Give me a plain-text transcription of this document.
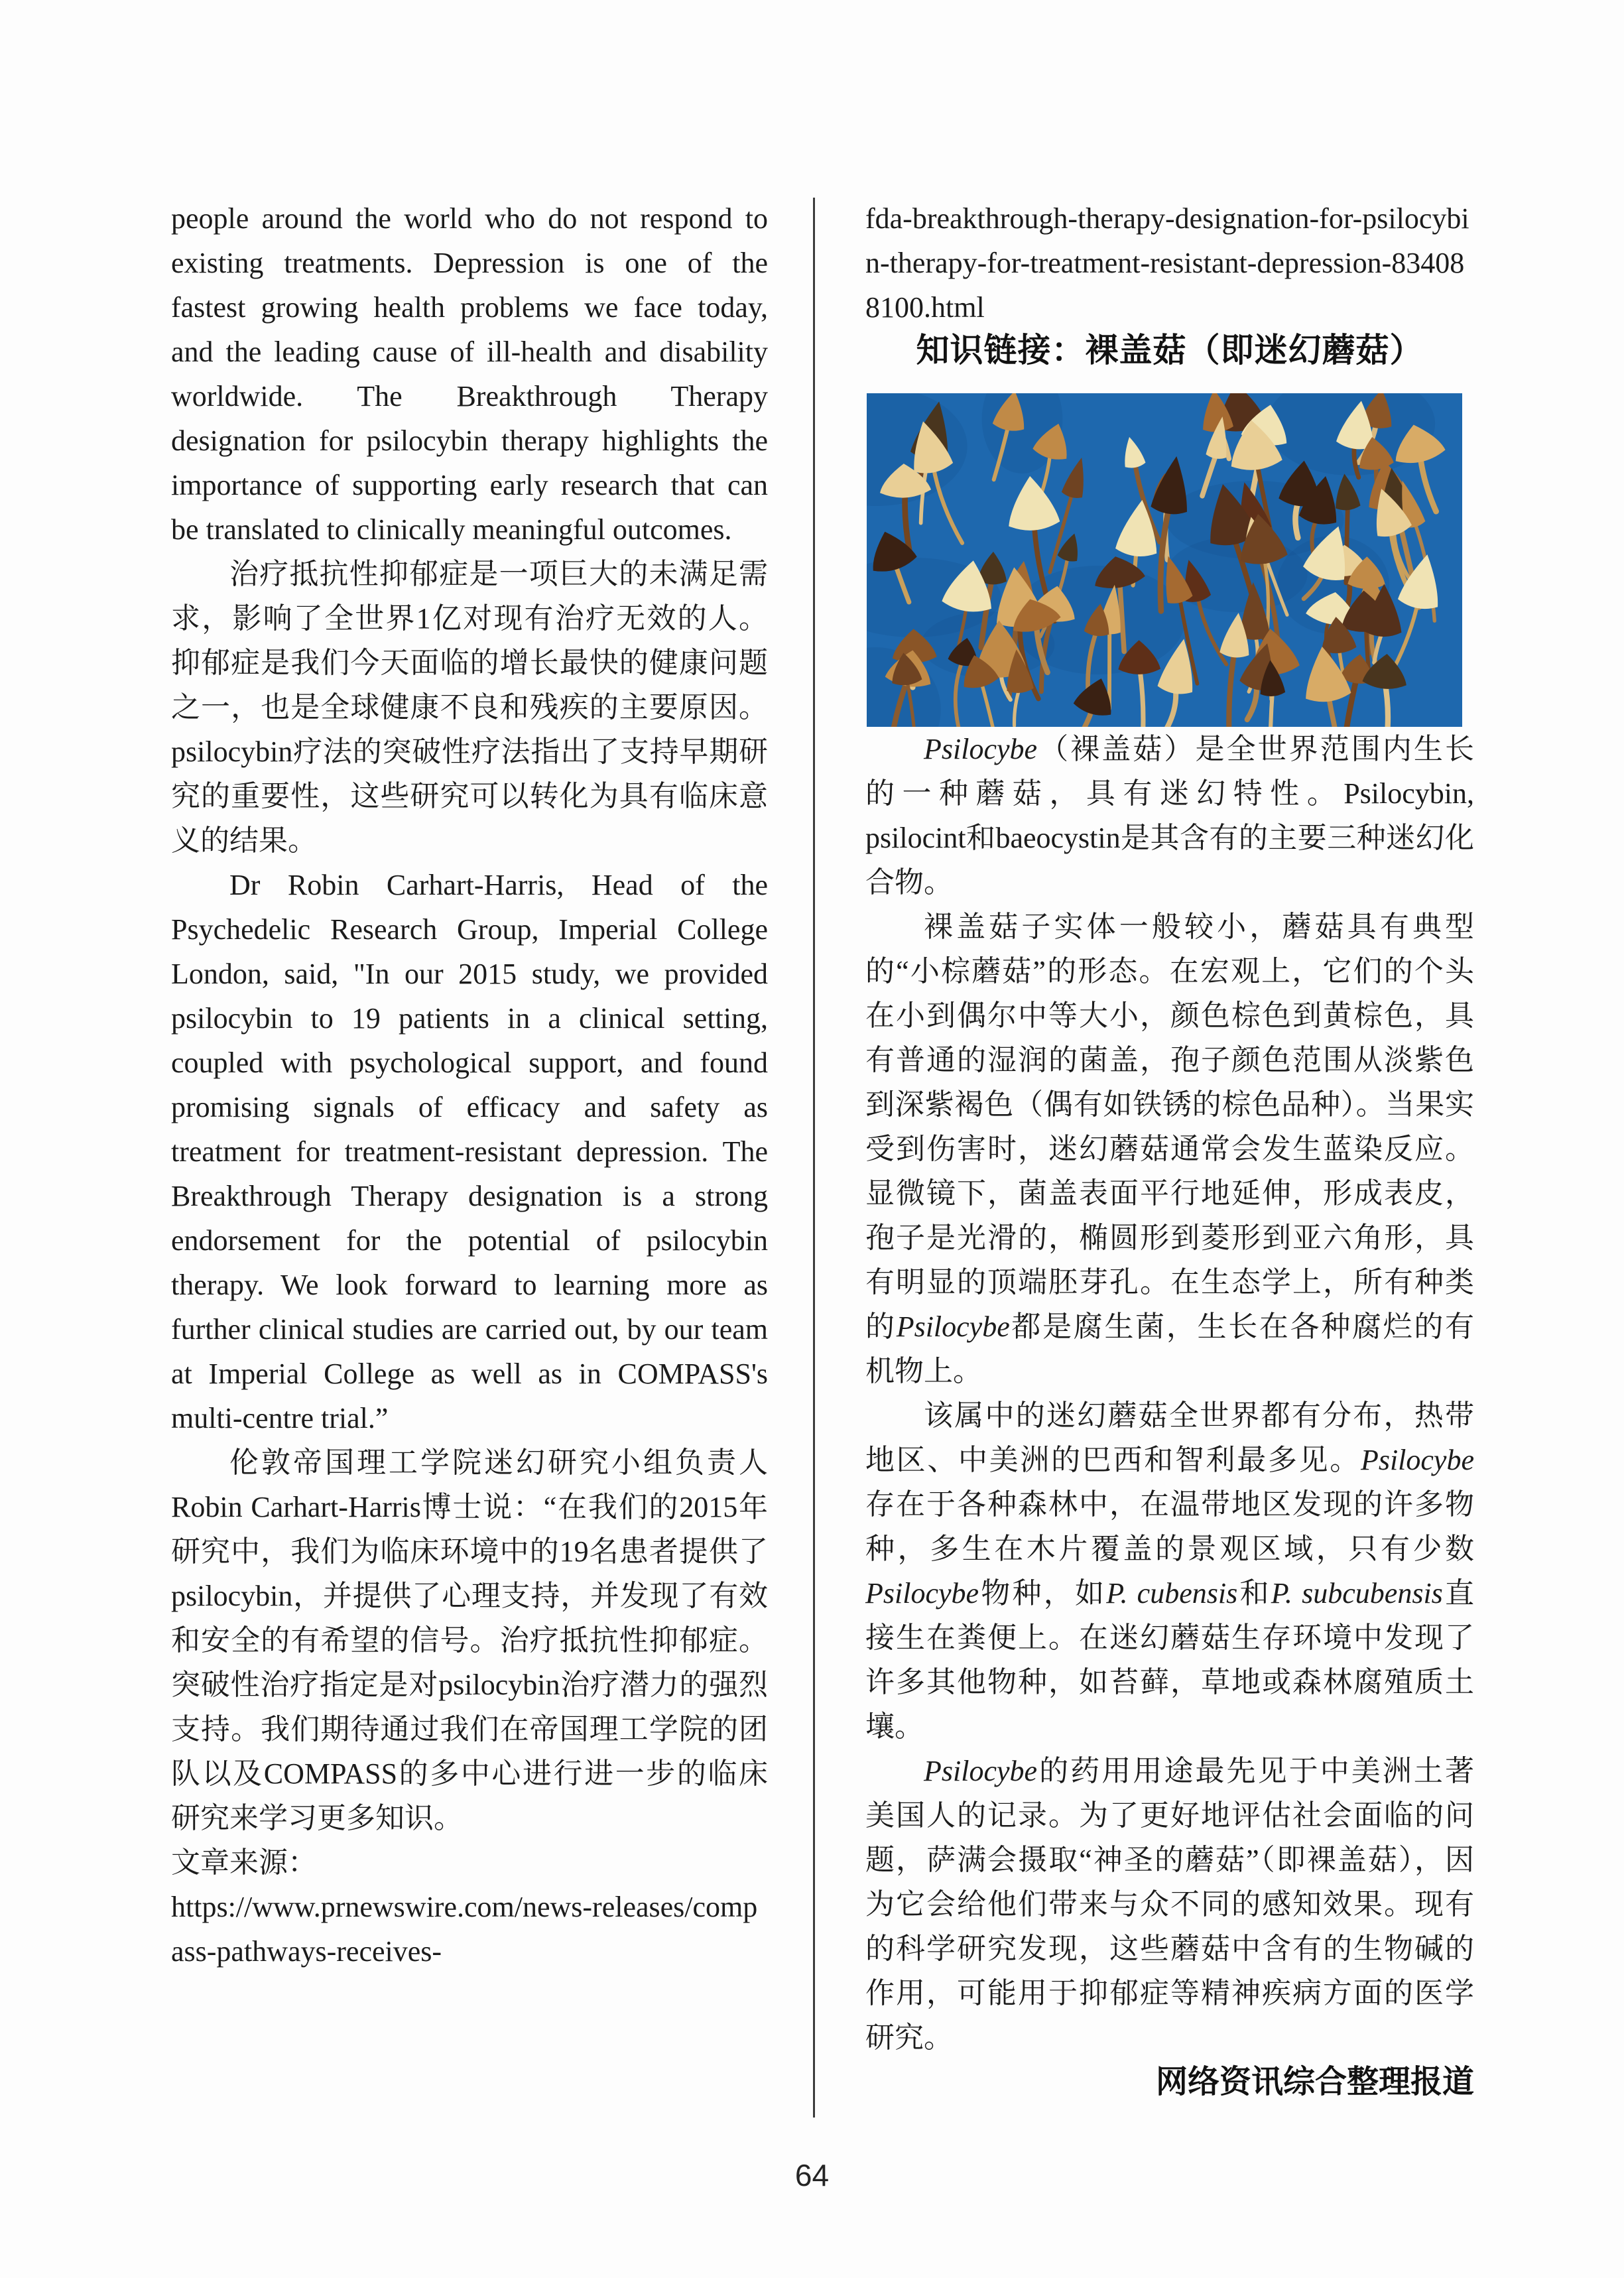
people around the world who do not respond to existing treatments. Depression is one of the fastest growing health problems we face today, and the leading cause of ill-health and disability worldwide. The Breakthrough Therapy designation for psilocybin therapy highlights the importance of supporting early research that can be translated to clinically meaningful outcomes.

治疗抵抗性抑郁症是一项巨大的未满足需求，影响了全世界1亿对现有治疗无效的人。抑郁症是我们今天面临的增长最快的健康问题之一，也是全球健康不良和残疾的主要原因。psilocybin疗法的突破性疗法指出了支持早期研究的重要性，这些研究可以转化为具有临床意义的结果。

Dr Robin Carhart-Harris, Head of the Psychedelic Research Group, Imperial College London, said, "In our 2015 study, we provided psilocybin to 19 patients in a clinical setting, coupled with psychological support, and found promising signals of efficacy and safety as treatment for treatment-resistant depression. The Breakthrough Therapy designation is a strong endorsement for the potential of psilocybin therapy. We look forward to learning more as further clinical studies are carried out, by our team at Imperial College as well as in COMPASS's multi-centre trial.”

伦敦帝国理工学院迷幻研究小组负责人Robin Carhart-Harris博士说：“在我们的2015年研究中，我们为临床环境中的19名患者提供了psilocybin，并提供了心理支持，并发现了有效和安全的有希望的信号。治疗抵抗性抑郁症。突破性治疗指定是对psilocybin治疗潜力的强烈支持。我们期待通过我们在帝国理工学院的团队以及COMPASS的多中心进行进一步的临床研究来学习更多知识。

文章来源：

https://www.prnewswire.com/news-releases/compass-pathways-receives-

fda-breakthrough-therapy-designation-for-psilocybin-therapy-for-treatment-resistant-depression-834088100.html

知识链接：裸盖菇（即迷幻蘑菇）

Psilocybe（裸盖菇）是全世界范围内生长的一种蘑菇，具有迷幻特性。Psilocybin, psilocint和baeocystin是其含有的主要三种迷幻化合物。

裸盖菇子实体一般较小，蘑菇具有典型的“小棕蘑菇”的形态。在宏观上，它们的个头在小到偶尔中等大小，颜色棕色到黄棕色，具有普通的湿润的菌盖，孢子颜色范围从淡紫色到深紫褐色（偶有如铁锈的棕色品种）。当果实受到伤害时，迷幻蘑菇通常会发生蓝染反应。显微镜下，菌盖表面平行地延伸，形成表皮，孢子是光滑的，椭圆形到菱形到亚六角形，具有明显的顶端胚芽孔。在生态学上，所有种类的Psilocybe都是腐生菌，生长在各种腐烂的有机物上。

该属中的迷幻蘑菇全世界都有分布，热带地区、中美洲的巴西和智利最多见。Psilocybe存在于各种森林中，在温带地区发现的许多物种，多生在木片覆盖的景观区域，只有少数Psilocybe物种，如P. cubensis和P. subcubensis直接生在粪便上。在迷幻蘑菇生存环境中发现了许多其他物种，如苔藓，草地或森林腐殖质土壤。

Psilocybe的药用用途最先见于中美洲土著美国人的记录。为了更好地评估社会面临的问题，萨满会摄取“神圣的蘑菇”（即裸盖菇），因为它会给他们带来与众不同的感知效果。现有的科学研究发现，这些蘑菇中含有的生物碱的作用，可能用于抑郁症等精神疾病方面的医学研究。

网络资讯综合整理报道

64
